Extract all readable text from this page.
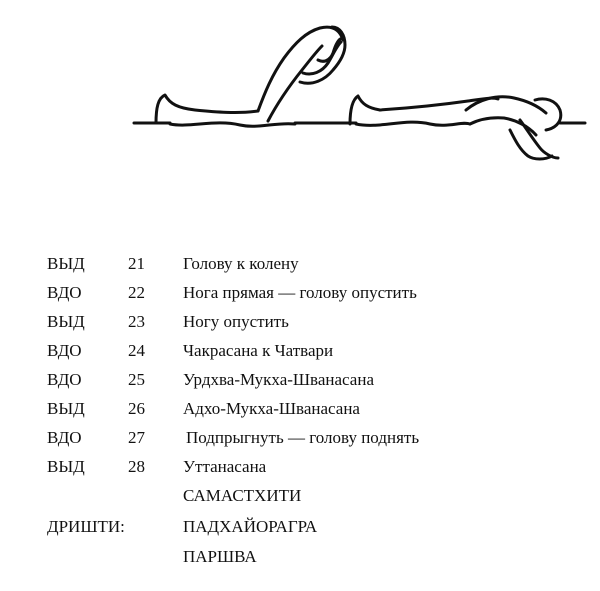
ВЫД	21 Голову к колену
ВДО	22 Нога прямая — голову опустить
ВЫД	23 Ногу опустить
ВДО	24 Чакрасана к Чатвари
ВДО	25 Урдхва-Мукха-Шванасана
ВЫД	26 Адхо-Мукха-Шванасана
ВДО	27 Подпрыгнуть — голову поднять
ВЫД	28 Уттанасана
САМАСТХИТИ
ДРИШТИ:	ПАДХАЙОРАГРА
ПАРШВА
